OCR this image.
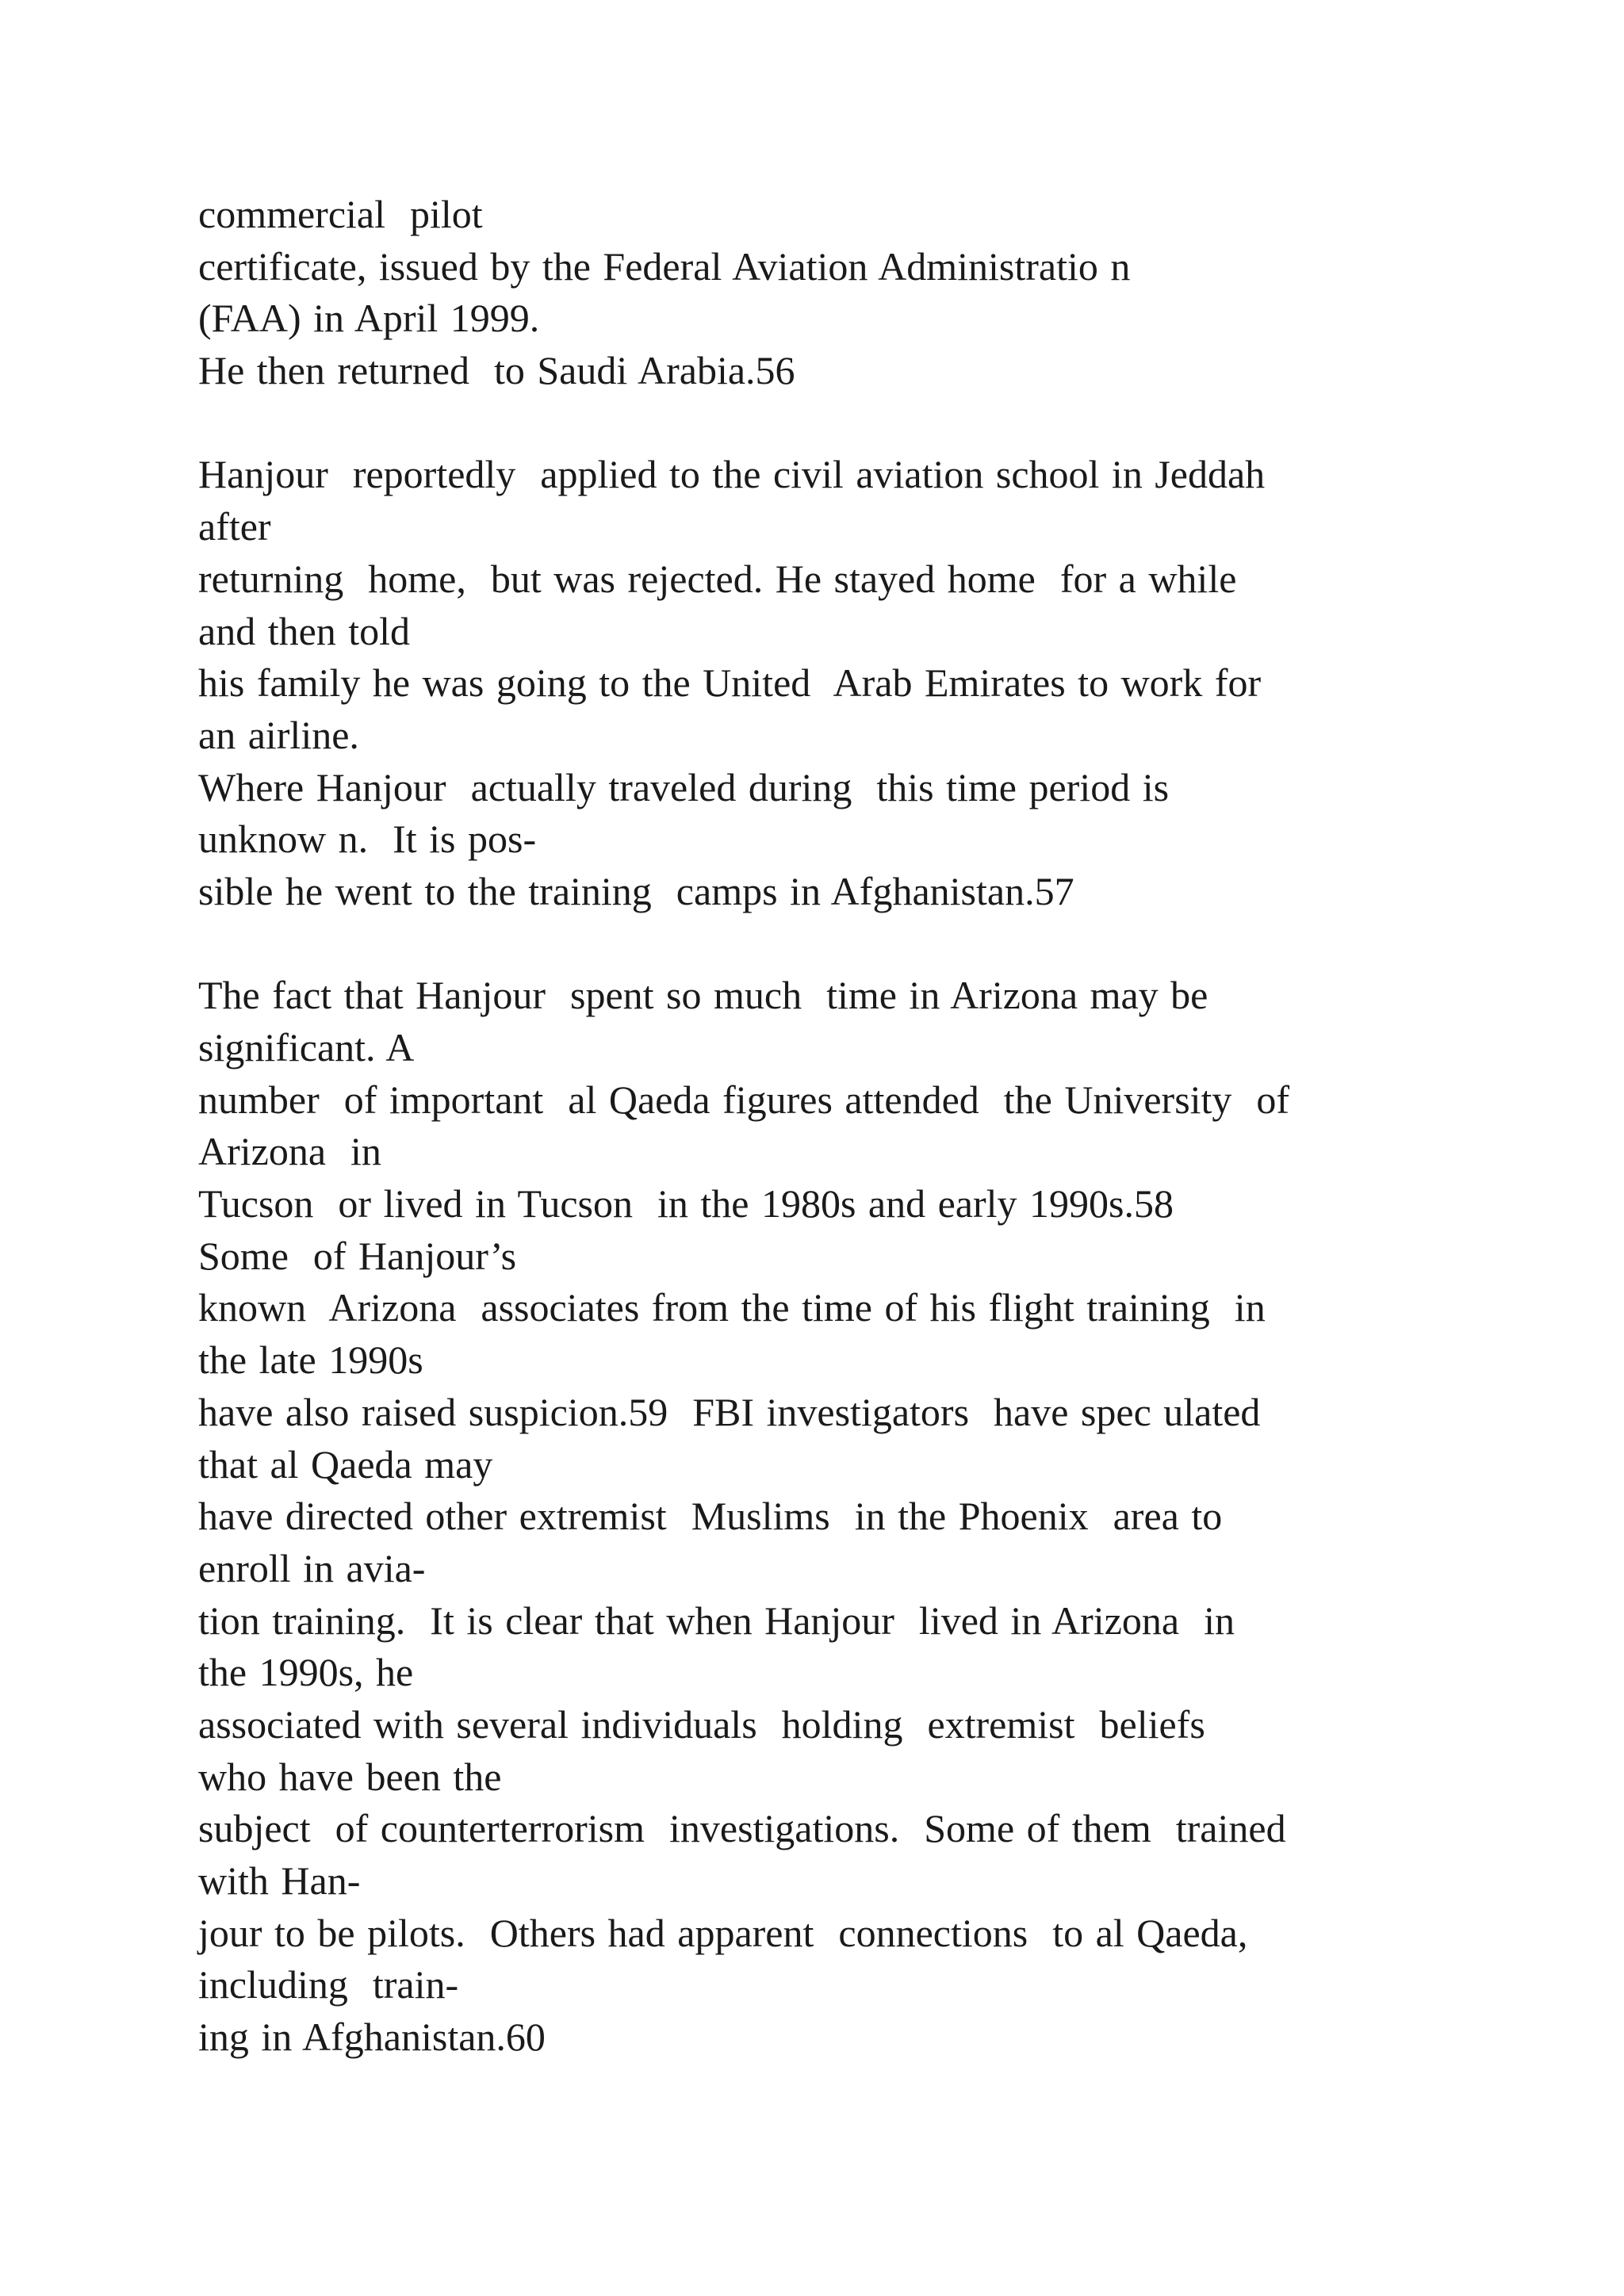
commercial  pilot
certificate, issued by the Federal Aviation Administratio n
(FAA) in April 1999.
He then returned  to Saudi Arabia.56
Hanjour  reportedly  applied to the civil aviation school in Jeddah
after
returning  home,  but was rejected. He stayed home  for a while
and then told
his family he was going to the United  Arab Emirates to work for
an airline.
Where Hanjour  actually traveled during  this time period is
unknow n.  It is pos-
sible he went to the training  camps in Afghanistan.57
The fact that Hanjour  spent so much  time in Arizona may be
significant. A
number  of important  al Qaeda figures attended  the University  of
Arizona  in
Tucson  or lived in Tucson  in the 1980s and early 1990s.58
Some  of Hanjour’s
known  Arizona  associates from the time of his flight training  in
the late 1990s
have also raised suspicion.59  FBI investigators  have spec ulated
that al Qaeda may
have directed other extremist  Muslims  in the Phoenix  area to
enroll in avia-
tion training.  It is clear that when Hanjour  lived in Arizona  in
the 1990s, he
associated with several individuals  holding  extremist  beliefs
who have been the
subject  of counterterrorism  investigations.  Some of them  trained
with Han-
jour to be pilots.  Others had apparent  connections  to al Qaeda,
including  train-
ing in Afghanistan.60
